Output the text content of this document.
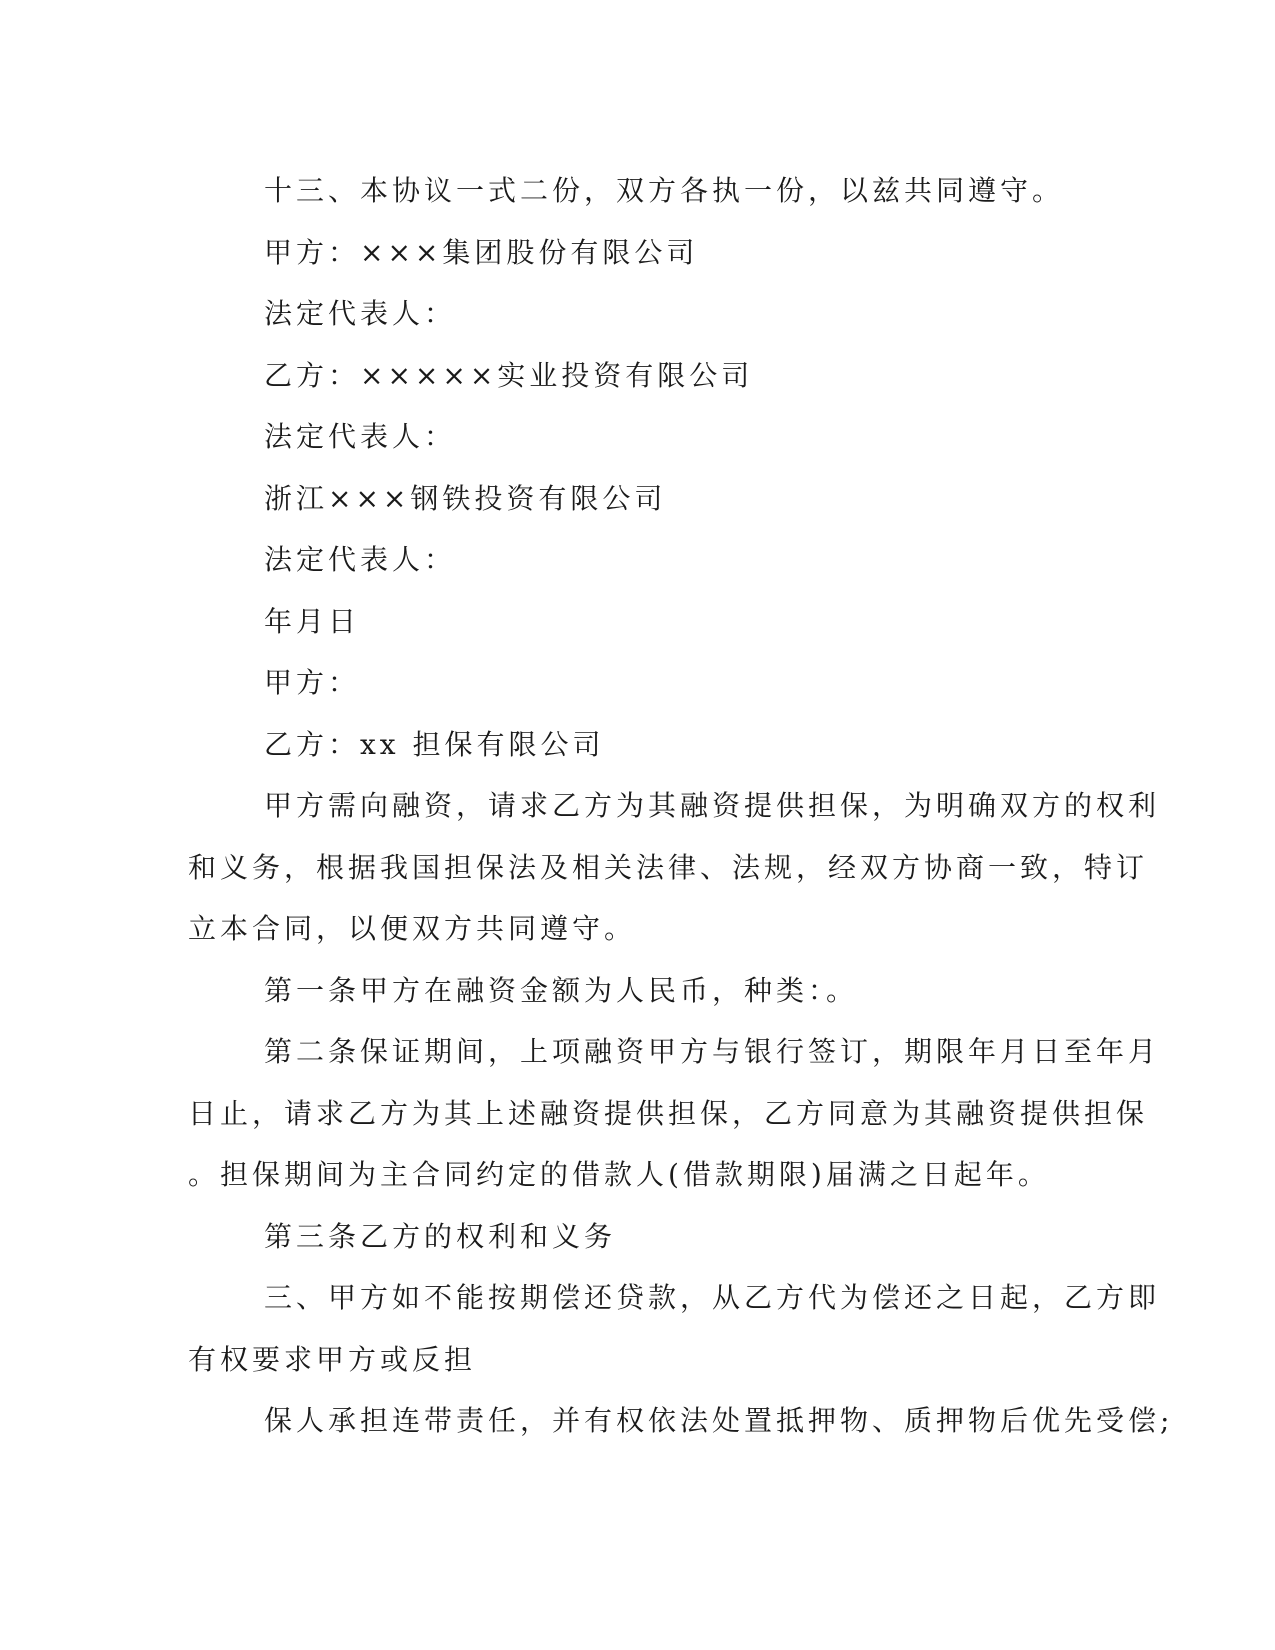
十三、本协议一式二份，双方各执一份，以兹共同遵守。

甲方：×××集团股份有限公司

法定代表人：

乙方：×××××实业投资有限公司

法定代表人：

浙江×××钢铁投资有限公司

法定代表人：

年月日

甲方：

乙方：xx 担保有限公司

甲方需向融资，请求乙方为其融资提供担保，为明确双方的权利

和义务，根据我国担保法及相关法律、法规，经双方协商一致，特订

立本合同，以便双方共同遵守。

第一条甲方在融资金额为人民币，种类：。

第二条保证期间，上项融资甲方与银行签订，期限年月日至年月

日止，请求乙方为其上述融资提供担保，乙方同意为其融资提供担保

。担保期间为主合同约定的借款人(借款期限)届满之日起年。

第三条乙方的权利和义务

三、甲方如不能按期偿还贷款，从乙方代为偿还之日起，乙方即

有权要求甲方或反担

保人承担连带责任，并有权依法处置抵押物、质押物后优先受偿;
